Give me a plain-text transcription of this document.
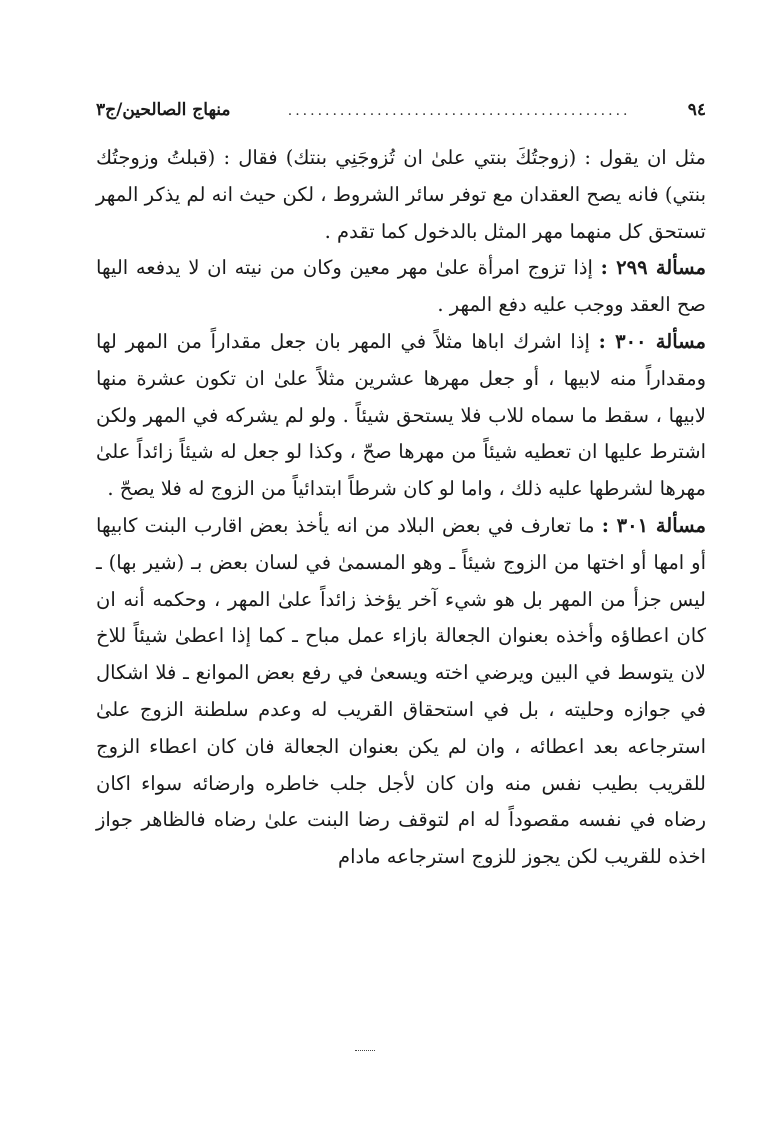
٩٤
..............................................
منهاج الصالحين/ج٣

مثل ان يقول : (زوجتُكَ بنتي علىٰ ان تُزوجَنِي بنتك) فقال : (قبلتُ وزوجتُك بنتي) فانه يصح العقدان مع توفر سائر الشروط ، لكن حيث انه لم يذكر المهر تستحق كل منهما مهر المثل بالدخول كما تقدم .

مسألة ٢٩٩ : إذا تزوج امرأة علىٰ مهر معين وكان من نيته ان لا يدفعه اليها صح العقد ووجب عليه دفع المهر .

مسألة ٣٠٠ : إذا اشرك اباها مثلاً في المهر بان جعل مقداراً من المهر لها ومقداراً منه لابيها ، أو جعل مهرها عشرين مثلاً علىٰ ان تكون عشرة منها لابيها ، سقط ما سماه للاب فلا يستحق شيئاً . ولو لم يشركه في المهر ولكن اشترط عليها ان تعطيه شيئاً من مهرها صحّ ، وكذا لو جعل له شيئاً زائداً علىٰ مهرها لشرطها عليه ذلك ، واما لو كان شرطاً ابتدائياً من الزوج له فلا يصحّ .

مسألة ٣٠١ : ما تعارف في بعض البلاد من انه يأخذ بعض اقارب البنت كابيها أو امها أو اختها من الزوج شيئاً ـ وهو المسمىٰ في لسان بعض بـ (شير بها) ـ ليس جزأ من المهر بل هو شيء آخر يؤخذ زائداً علىٰ المهر ، وحكمه أنه ان كان اعطاؤه وأخذه بعنوان الجعالة بازاء عمل مباح ـ كما إذا اعطىٰ شيئاً للاخ لان يتوسط في البين ويرضي اخته ويسعىٰ في رفع بعض الموانع ـ فلا اشكال في جوازه وحليته ، بل في استحقاق القريب له وعدم سلطنة الزوج علىٰ استرجاعه بعد اعطائه ، وان لم يكن بعنوان الجعالة فان كان اعطاء الزوج للقريب بطيب نفس منه وان كان لأجل جلب خاطره وارضائه سواء اكان رضاه في نفسه مقصوداً له ام لتوقف رضا البنت علىٰ رضاه فالظاهر جواز اخذه للقريب لكن يجوز للزوج استرجاعه مادام
